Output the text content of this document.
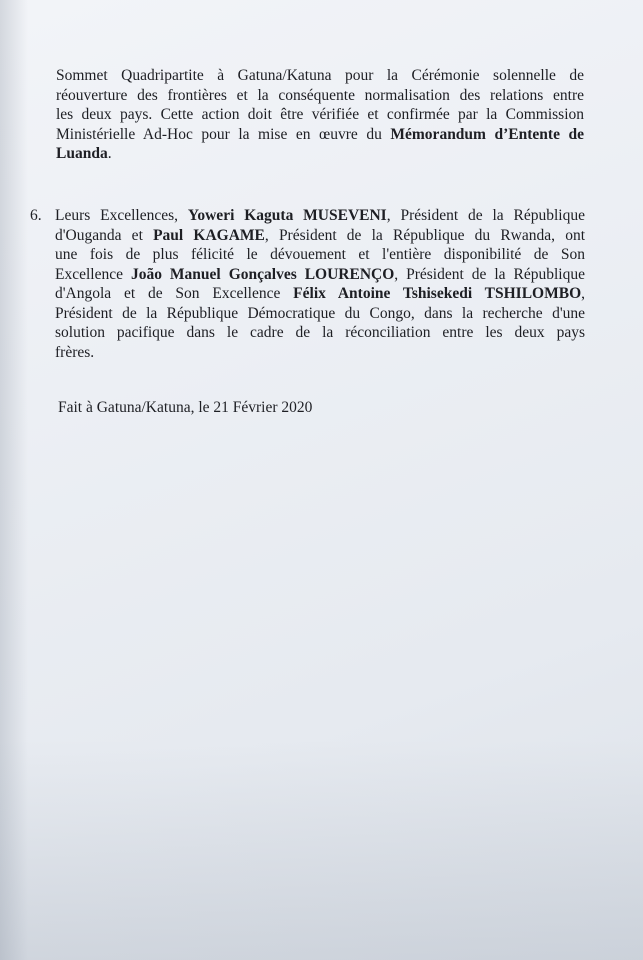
Sommet Quadripartite à Gatuna/Katuna pour la Cérémonie solennelle de
réouverture des frontières et la conséquente normalisation des relations entre
les deux pays. Cette action doit être vérifiée et confirmée par la Commission
Ministérielle Ad-Hoc pour la mise en œuvre du Mémorandum d’Entente de
Luanda.
6. Leurs Excellences, Yoweri Kaguta MUSEVENI, Président de la République
d'Ouganda et Paul KAGAME, Président de la République du Rwanda, ont
une fois de plus félicité le dévouement et l'entière disponibilité de Son
Excellence João Manuel Gonçalves LOURENÇO, Président de la République
d'Angola et de Son Excellence Félix Antoine Tshisekedi TSHILOMBO,
Président de la République Démocratique du Congo, dans la recherche d'une
solution pacifique dans le cadre de la réconciliation entre les deux pays
frères.
Fait à Gatuna/Katuna, le 21 Février 2020
